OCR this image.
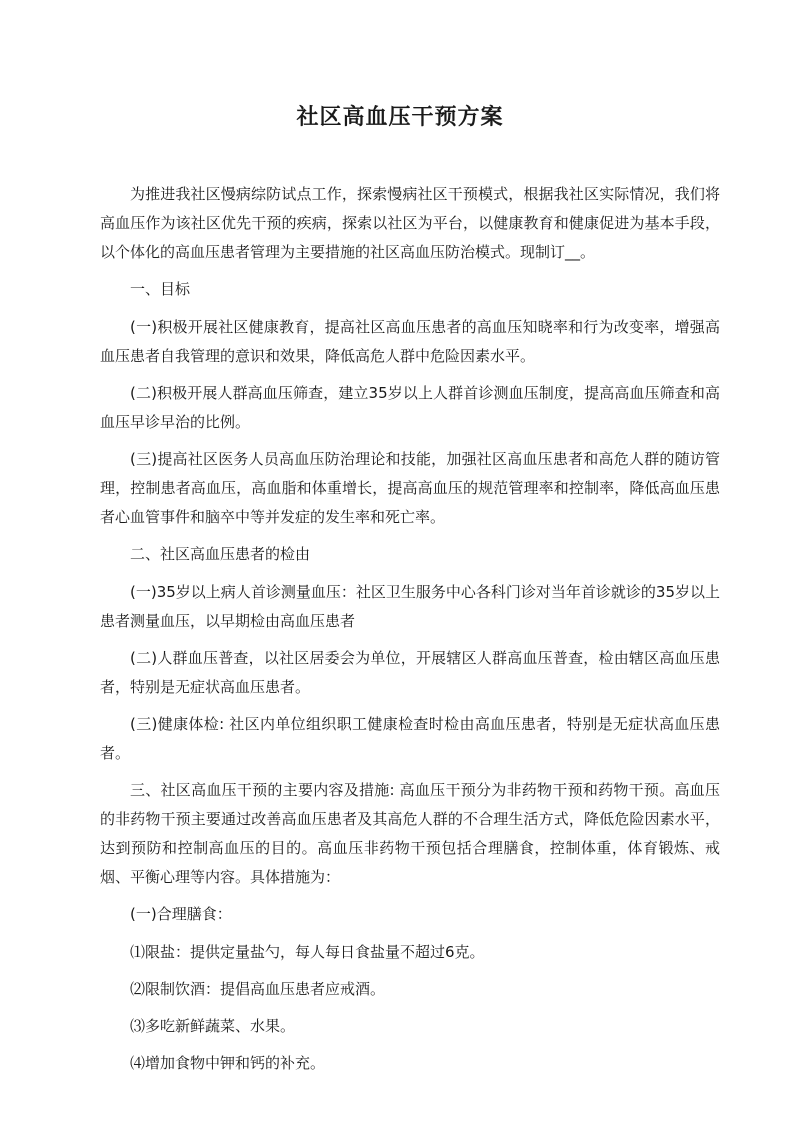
社区高血压干预方案

为推进我社区慢病综防试点工作，探索慢病社区干预模式，根据我社区实际情况，我们将高血压作为该社区优先干预的疾病，探索以社区为平台，以健康教育和健康促进为基本手段，以个体化的高血压患者管理为主要措施的社区高血压防治模式。现制订__。

一、目标

(一)积极开展社区健康教育，提高社区高血压患者的高血压知晓率和行为改变率，增强高血压患者自我管理的意识和效果，降低高危人群中危险因素水平。

(二)积极开展人群高血压筛查，建立35岁以上人群首诊测血压制度，提高高血压筛查和高血压早诊早治的比例。

(三)提高社区医务人员高血压防治理论和技能，加强社区高血压患者和高危人群的随访管理，控制患者高血压，高血脂和体重增长，提高高血压的规范管理率和控制率，降低高血压患者心血管事件和脑卒中等并发症的发生率和死亡率。

二、社区高血压患者的检由

(一)35岁以上病人首诊测量血压：社区卫生服务中心各科门诊对当年首诊就诊的35岁以上患者测量血压，以早期检由高血压患者

(二)人群血压普查，以社区居委会为单位，开展辖区人群高血压普查，检由辖区高血压患者，特别是无症状高血压患者。

(三)健康体检: 社区内单位组织职工健康检查时检由高血压患者，特别是无症状高血压患者。

三、社区高血压干预的主要内容及措施: 高血压干预分为非药物干预和药物干预。高血压的非药物干预主要通过改善高血压患者及其高危人群的不合理生活方式，降低危险因素水平，达到预防和控制高血压的目的。高血压非药物干预包括合理膳食，控制体重，体育锻炼、戒烟、平衡心理等内容。具体措施为：

(一)合理膳食：

⑴限盐：提供定量盐勺，每人每日食盐量不超过6克。

⑵限制饮酒：提倡高血压患者应戒酒。

⑶多吃新鲜蔬菜、水果。

⑷增加食物中钾和钙的补充。
